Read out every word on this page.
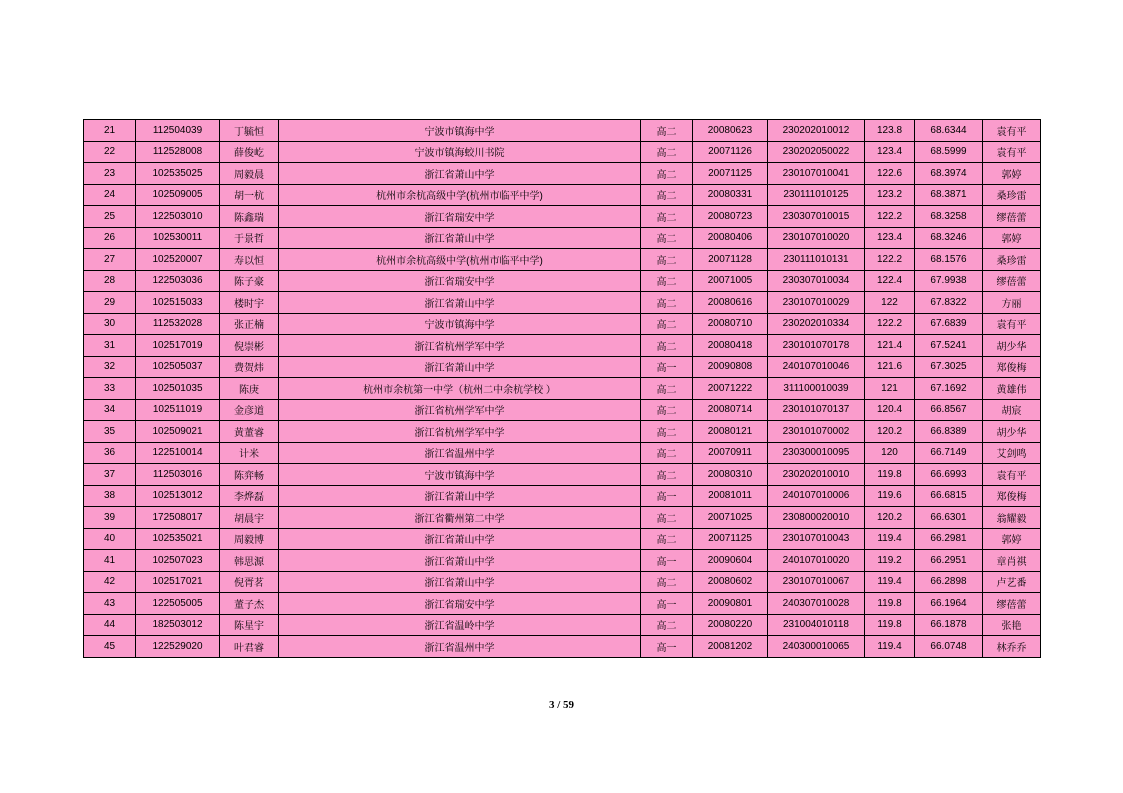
21	112504039	丁毓恒	宁波市镇海中学	高二	20080623	230202010012	123.8	68.6344	袁有平
22	112528008	薛俊屹	宁波市镇海蛟川书院	高二	20071126	230202050022	123.4	68.5999	袁有平
23	102535025	周毅晨	浙江省萧山中学	高二	20071125	230107010041	122.6	68.3974	郭婷
24	102509005	胡一杭	杭州市余杭高级中学(杭州市临平中学)	高二	20080331	230111010125	123.2	68.3871	桑珍雷
25	122503010	陈鑫瑞	浙江省瑞安中学	高二	20080723	230307010015	122.2	68.3258	缪蓓蕾
26	102530011	于景哲	浙江省萧山中学	高二	20080406	230107010020	123.4	68.3246	郭婷
27	102520007	寿以恒	杭州市余杭高级中学(杭州市临平中学)	高二	20071128	230111010131	122.2	68.1576	桑珍雷
28	122503036	陈子豪	浙江省瑞安中学	高二	20071005	230307010034	122.4	67.9938	缪蓓蕾
29	102515033	楼时宇	浙江省萧山中学	高二	20080616	230107010029	122	67.8322	方丽
30	112532028	张正楠	宁波市镇海中学	高二	20080710	230202010334	122.2	67.6839	袁有平
31	102517019	倪崇彬	浙江省杭州学军中学	高二	20080418	230101070178	121.4	67.5241	胡少华
32	102505037	费贺炜	浙江省萧山中学	高一	20090808	240107010046	121.6	67.3025	郑俊梅
33	102501035	陈庚	杭州市余杭第一中学（杭州二中余杭学校 ）	高二	20071222	311100010039	121	67.1692	黄雄伟
34	102511019	金彦道	浙江省杭州学军中学	高二	20080714	230101070137	120.4	66.8567	胡宸
35	102509021	黄董睿	浙江省杭州学军中学	高二	20080121	230101070002	120.2	66.8389	胡少华
36	122510014	计米	浙江省温州中学	高二	20070911	230300010095	120	66.7149	艾剑鸣
37	112503016	陈弈畅	宁波市镇海中学	高二	20080310	230202010010	119.8	66.6993	袁有平
38	102513012	李烨磊	浙江省萧山中学	高一	20081011	240107010006	119.6	66.6815	郑俊梅
39	172508017	胡晨宇	浙江省衢州第二中学	高二	20071025	230800020010	120.2	66.6301	翁耀毅
40	102535021	周毅博	浙江省萧山中学	高二	20071125	230107010043	119.4	66.2981	郭婷
41	102507023	韩思源	浙江省萧山中学	高一	20090604	240107010020	119.2	66.2951	章肖祺
42	102517021	倪胥茗	浙江省萧山中学	高二	20080602	230107010067	119.4	66.2898	卢艺番
43	122505005	董子杰	浙江省瑞安中学	高一	20090801	240307010028	119.8	66.1964	缪蓓蕾
44	182503012	陈星宇	浙江省温岭中学	高二	20080220	231004010118	119.8	66.1878	张艳
45	122529020	叶君睿	浙江省温州中学	高一	20081202	240300010065	119.4	66.0748	林乔乔
3 / 59
